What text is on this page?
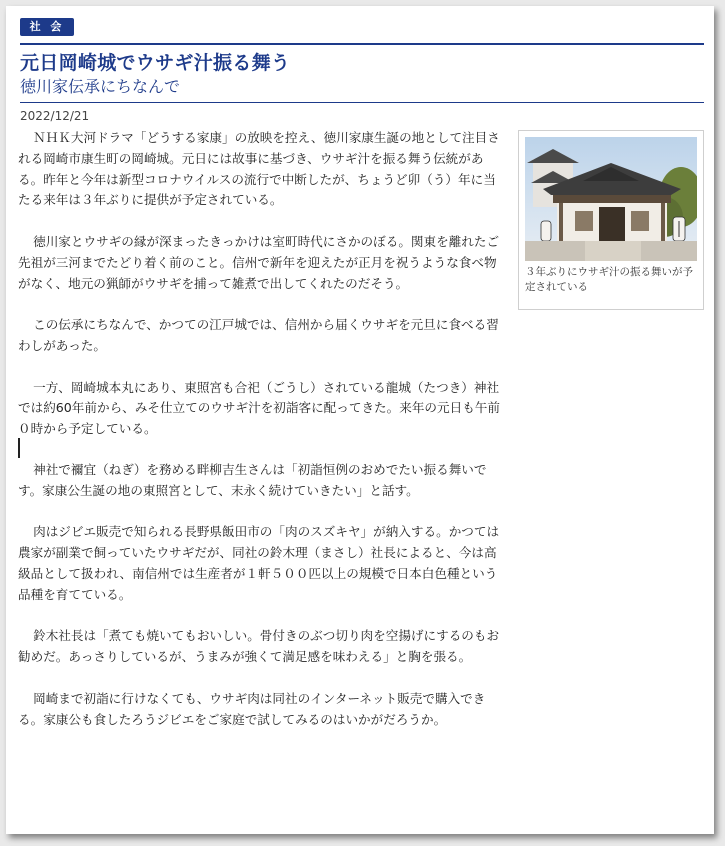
社 会
元日岡崎城でウサギ汁振る舞う
徳川家伝承にちなんで
2022/12/21

ＮＨＫ大河ドラマ「どうする家康」の放映を控え、徳川家康生誕の地として注目される岡崎市康生町の岡崎城。元日には故事に基づき、ウサギ汁を振る舞う伝統がある。昨年と今年は新型コロナウイルスの流行で中断したが、ちょうど卯（う）年に当たる来年は３年ぶりに提供が予定されている。

徳川家とウサギの縁が深まったきっかけは室町時代にさかのぼる。関東を離れたご先祖が三河までたどり着く前のこと。信州で新年を迎えたが正月を祝うような食べ物がなく、地元の猟師がウサギを捕って雑煮で出してくれたのだそう。

この伝承にちなんで、かつての江戸城では、信州から届くウサギを元旦に食べる習わしがあった。

一方、岡崎城本丸にあり、東照宮も合祀（ごうし）されている龍城（たつき）神社では約60年前から、みそ仕立てのウサギ汁を初詣客に配ってきた。来年の元日も午前０時から予定している。

神社で禰宜（ねぎ）を務める畔柳吉生さんは「初詣恒例のおめでたい振る舞いです。家康公生誕の地の東照宮として、末永く続けていきたい」と話す。

肉はジビエ販売で知られる長野県飯田市の「肉のスズキヤ」が納入する。かつては農家が副業で飼っていたウサギだが、同社の鈴木理（まさし）社長によると、今は高級品として扱われ、南信州では生産者が１軒５００匹以上の規模で日本白色種という品種を育てている。

鈴木社長は「煮ても焼いてもおいしい。骨付きのぶつ切り肉を空揚げにするのもお勧めだ。あっさりしているが、うまみが強くて満足感を味わえる」と胸を張る。

岡崎まで初詣に行けなくても、ウサギ肉は同社のインターネット販売で購入できる。家康公も食したろうジビエをご家庭で試してみるのはいかがだろうか。

３年ぶりにウサギ汁の振る舞いが予定されている
